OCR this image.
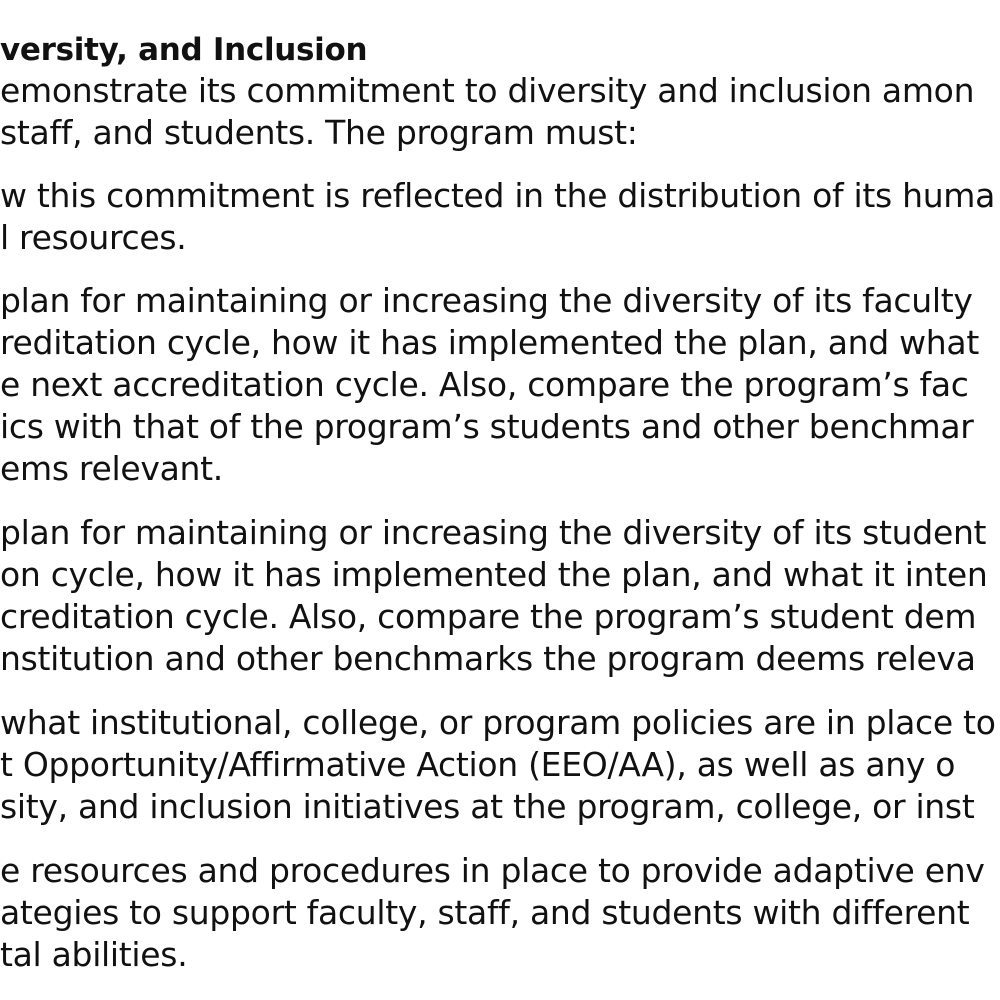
versity, and Inclusion
emonstrate its commitment to diversity and inclusion amon
staff, and students. The program must:
w this commitment is reflected in the distribution of its huma
l resources.
plan for maintaining or increasing the diversity of its faculty
reditation cycle, how it has implemented the plan, and what
e next accreditation cycle. Also, compare the program’s fac
ics with that of the program’s students and other benchmar
ems relevant.
plan for maintaining or increasing the diversity of its student
on cycle, how it has implemented the plan, and what it inten
creditation cycle. Also, compare the program’s student dem
nstitution and other benchmarks the program deems releva
what institutional, college, or program policies are in place to
t Opportunity/Affirmative Action (EEO/AA), as well as any o
sity, and inclusion initiatives at the program, college, or inst
e resources and procedures in place to provide adaptive env
ategies to support faculty, staff, and students with different
tal abilities.
